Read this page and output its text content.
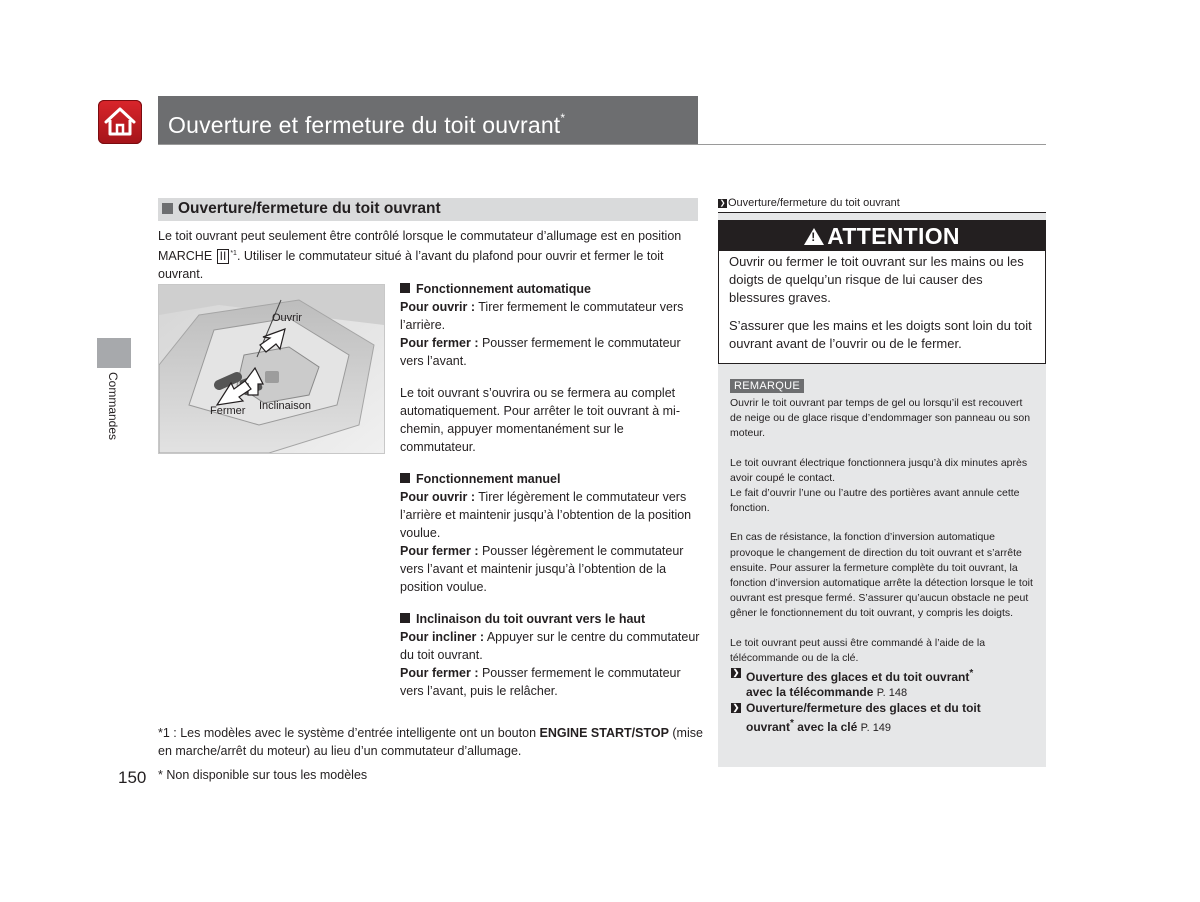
Ouverture et fermeture du toit ouvrant*
Commandes
Ouverture/fermeture du toit ouvrant
Le toit ouvrant peut seulement être contrôlé lorsque le commutateur d’allumage est en position MARCHE II $^{*1}$. Utiliser le commutateur situé à l’avant du plafond pour ouvrir et fermer le toit ouvrant.
Ouvrir
Fermer Inclinaison

Fonctionnement automatique

Pour ouvrir : Tirer fermement le commutateur vers l’arrière.

Pour fermer : Pousser fermement le commutateur vers l’avant.

Le toit ouvrant s’ouvrira ou se fermera au complet automatiquement. Pour arrêter le toit ouvrant à mi-chemin, appuyer momentanément sur le commutateur.

Fonctionnement manuel

Pour ouvrir : Tirer légèrement le commutateur vers l’arrière et maintenir jusqu’à l’obtention de la position voulue.

Pour fermer : Pousser légèrement le commutateur vers l’avant et maintenir jusqu’à l’obtention de la position voulue.

Inclinaison du toit ouvrant vers le haut

Pour incliner : Appuyer sur le centre du commutateur du toit ouvrant.

Pour fermer : Pousser fermement le commutateur vers l’avant, puis le relâcher.

*1 : Les modèles avec le système d’entrée intelligente ont un bouton ENGINE START/STOP (mise en marche/arrêt du moteur) au lieu d’un commutateur d’allumage.
150 * Non disponible sur tous les modèles
❯ Ouverture/fermeture du toit ouvrant
!ATTENTION

Ouvrir ou fermer le toit ouvrant sur les mains ou les doigts de quelqu’un risque de lui causer des blessures graves.

S’assurer que les mains et les doigts sont loin du toit ouvrant avant de l’ouvrir ou de le fermer.

REMARQUE

Ouvrir le toit ouvrant par temps de gel ou lorsqu’il est recouvert de neige ou de glace risque d’endommager son panneau ou son moteur.

Le toit ouvrant électrique fonctionnera jusqu’à dix minutes après avoir coupé le contact.
Le fait d’ouvrir l’une ou l’autre des portières avant annule cette fonction.

En cas de résistance, la fonction d’inversion automatique provoque le changement de direction du toit ouvrant et s’arrête ensuite. Pour assurer la fermeture complète du toit ouvrant, la fonction d’inversion automatique arrête la détection lorsque le toit ouvrant est presque fermé. S’assurer qu’aucun obstacle ne peut gêner le fonctionnement du toit ouvrant, y compris les doigts.

Le toit ouvrant peut aussi être commandé à l’aide de la télécommande ou de la clé.

❯ Ouverture des glaces et du toit ouvrant*
avec la télécommande P. 148
❯ Ouverture/fermeture des glaces et du toit
ouvrant* avec la clé P. 149
